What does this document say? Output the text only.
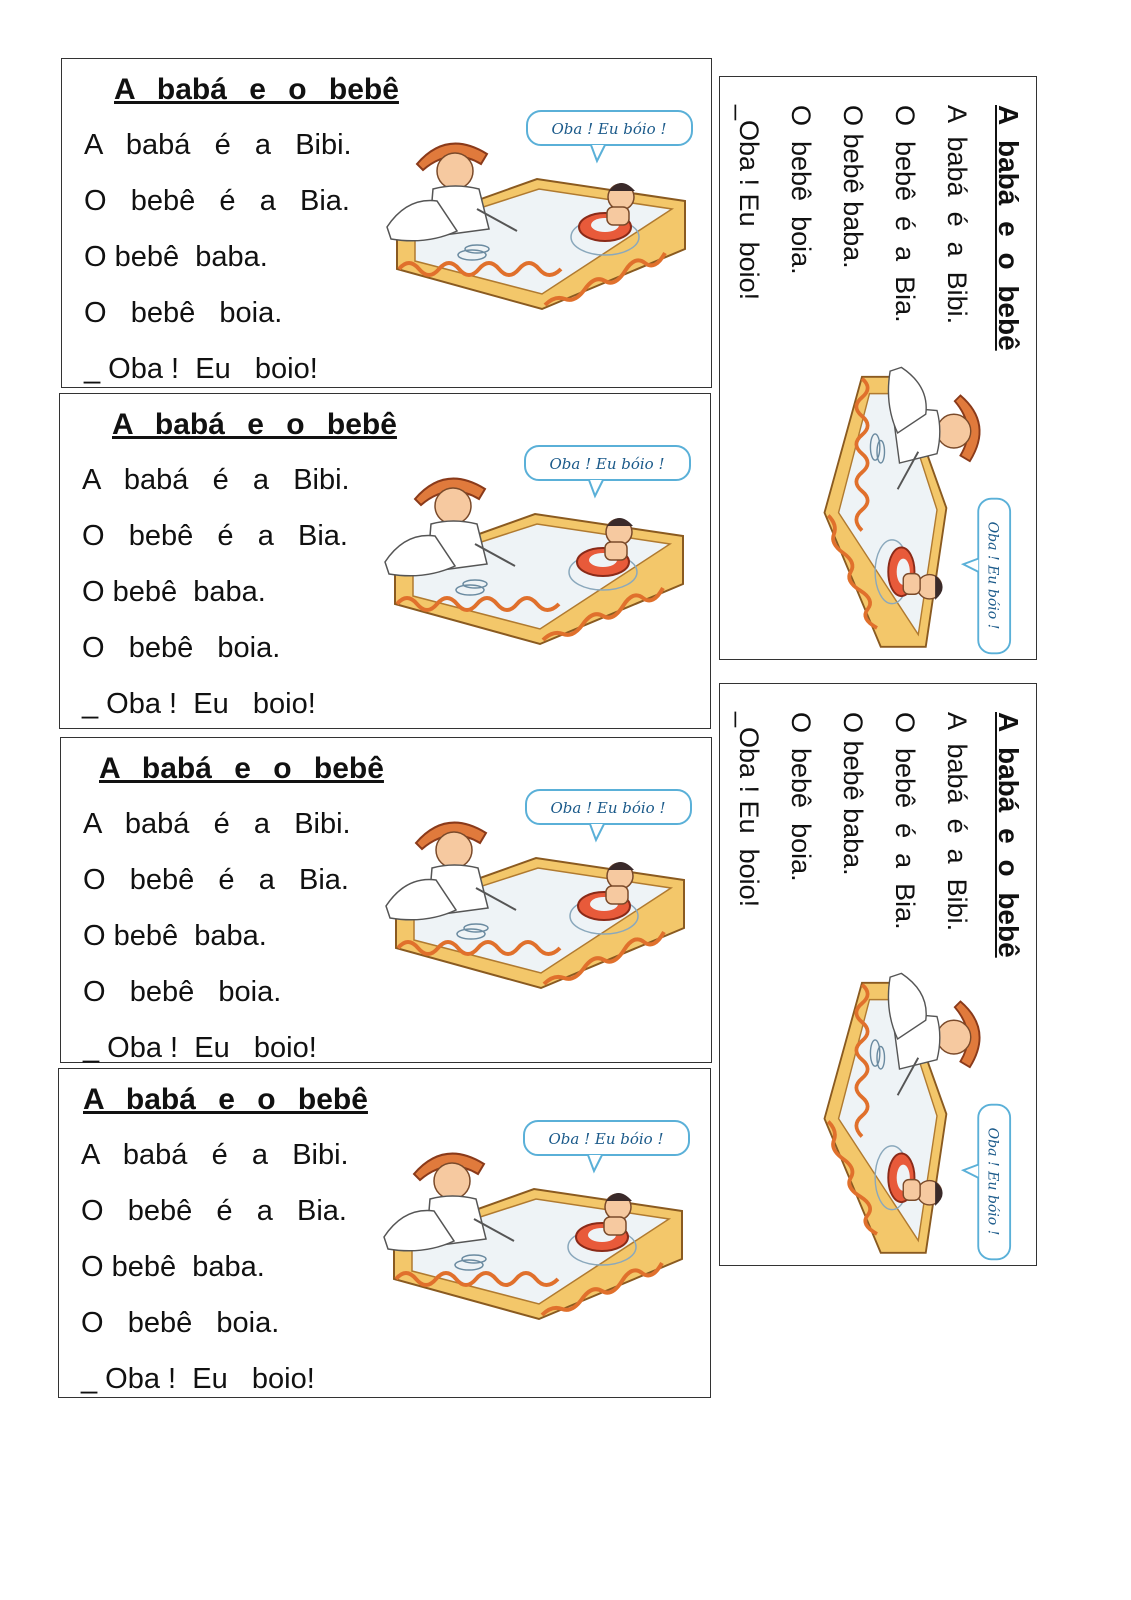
A babá e o bebê
A   babá   é   a   Bibi.
O   bebê   é   a   Bia.
O bebê  baba.
O   bebê   boia.
_ Oba !  Eu   boio!
Oba ! Eu bóio !
A babá e o bebê
A   babá   é   a   Bibi.
O   bebê   é   a   Bia.
O bebê  baba.
O   bebê   boia.
_ Oba !  Eu   boio!
Oba ! Eu bóio !
A babá e o bebê
A   babá   é   a   Bibi.
O   bebê   é   a   Bia.
O bebê  baba.
O   bebê   boia.
_ Oba !  Eu   boio!
Oba ! Eu bóio !
A babá e o bebê
A   babá   é   a   Bibi.
O   bebê   é   a   Bia.
O bebê  baba.
O   bebê   boia.
_ Oba !  Eu   boio!
Oba ! Eu bóio !
A babá e o bebê
A  babá  é  a  Bibi.
O  bebê  é  a  Bia.
O bebê baba.
O  bebê  boia.
_Oba ! Eu  boio!
Oba ! Eu bóio !
A babá e o bebê
A  babá  é  a  Bibi.
O  bebê  é  a  Bia.
O bebê baba.
O  bebê  boia.
_Oba ! Eu  boio!
Oba ! Eu bóio !
